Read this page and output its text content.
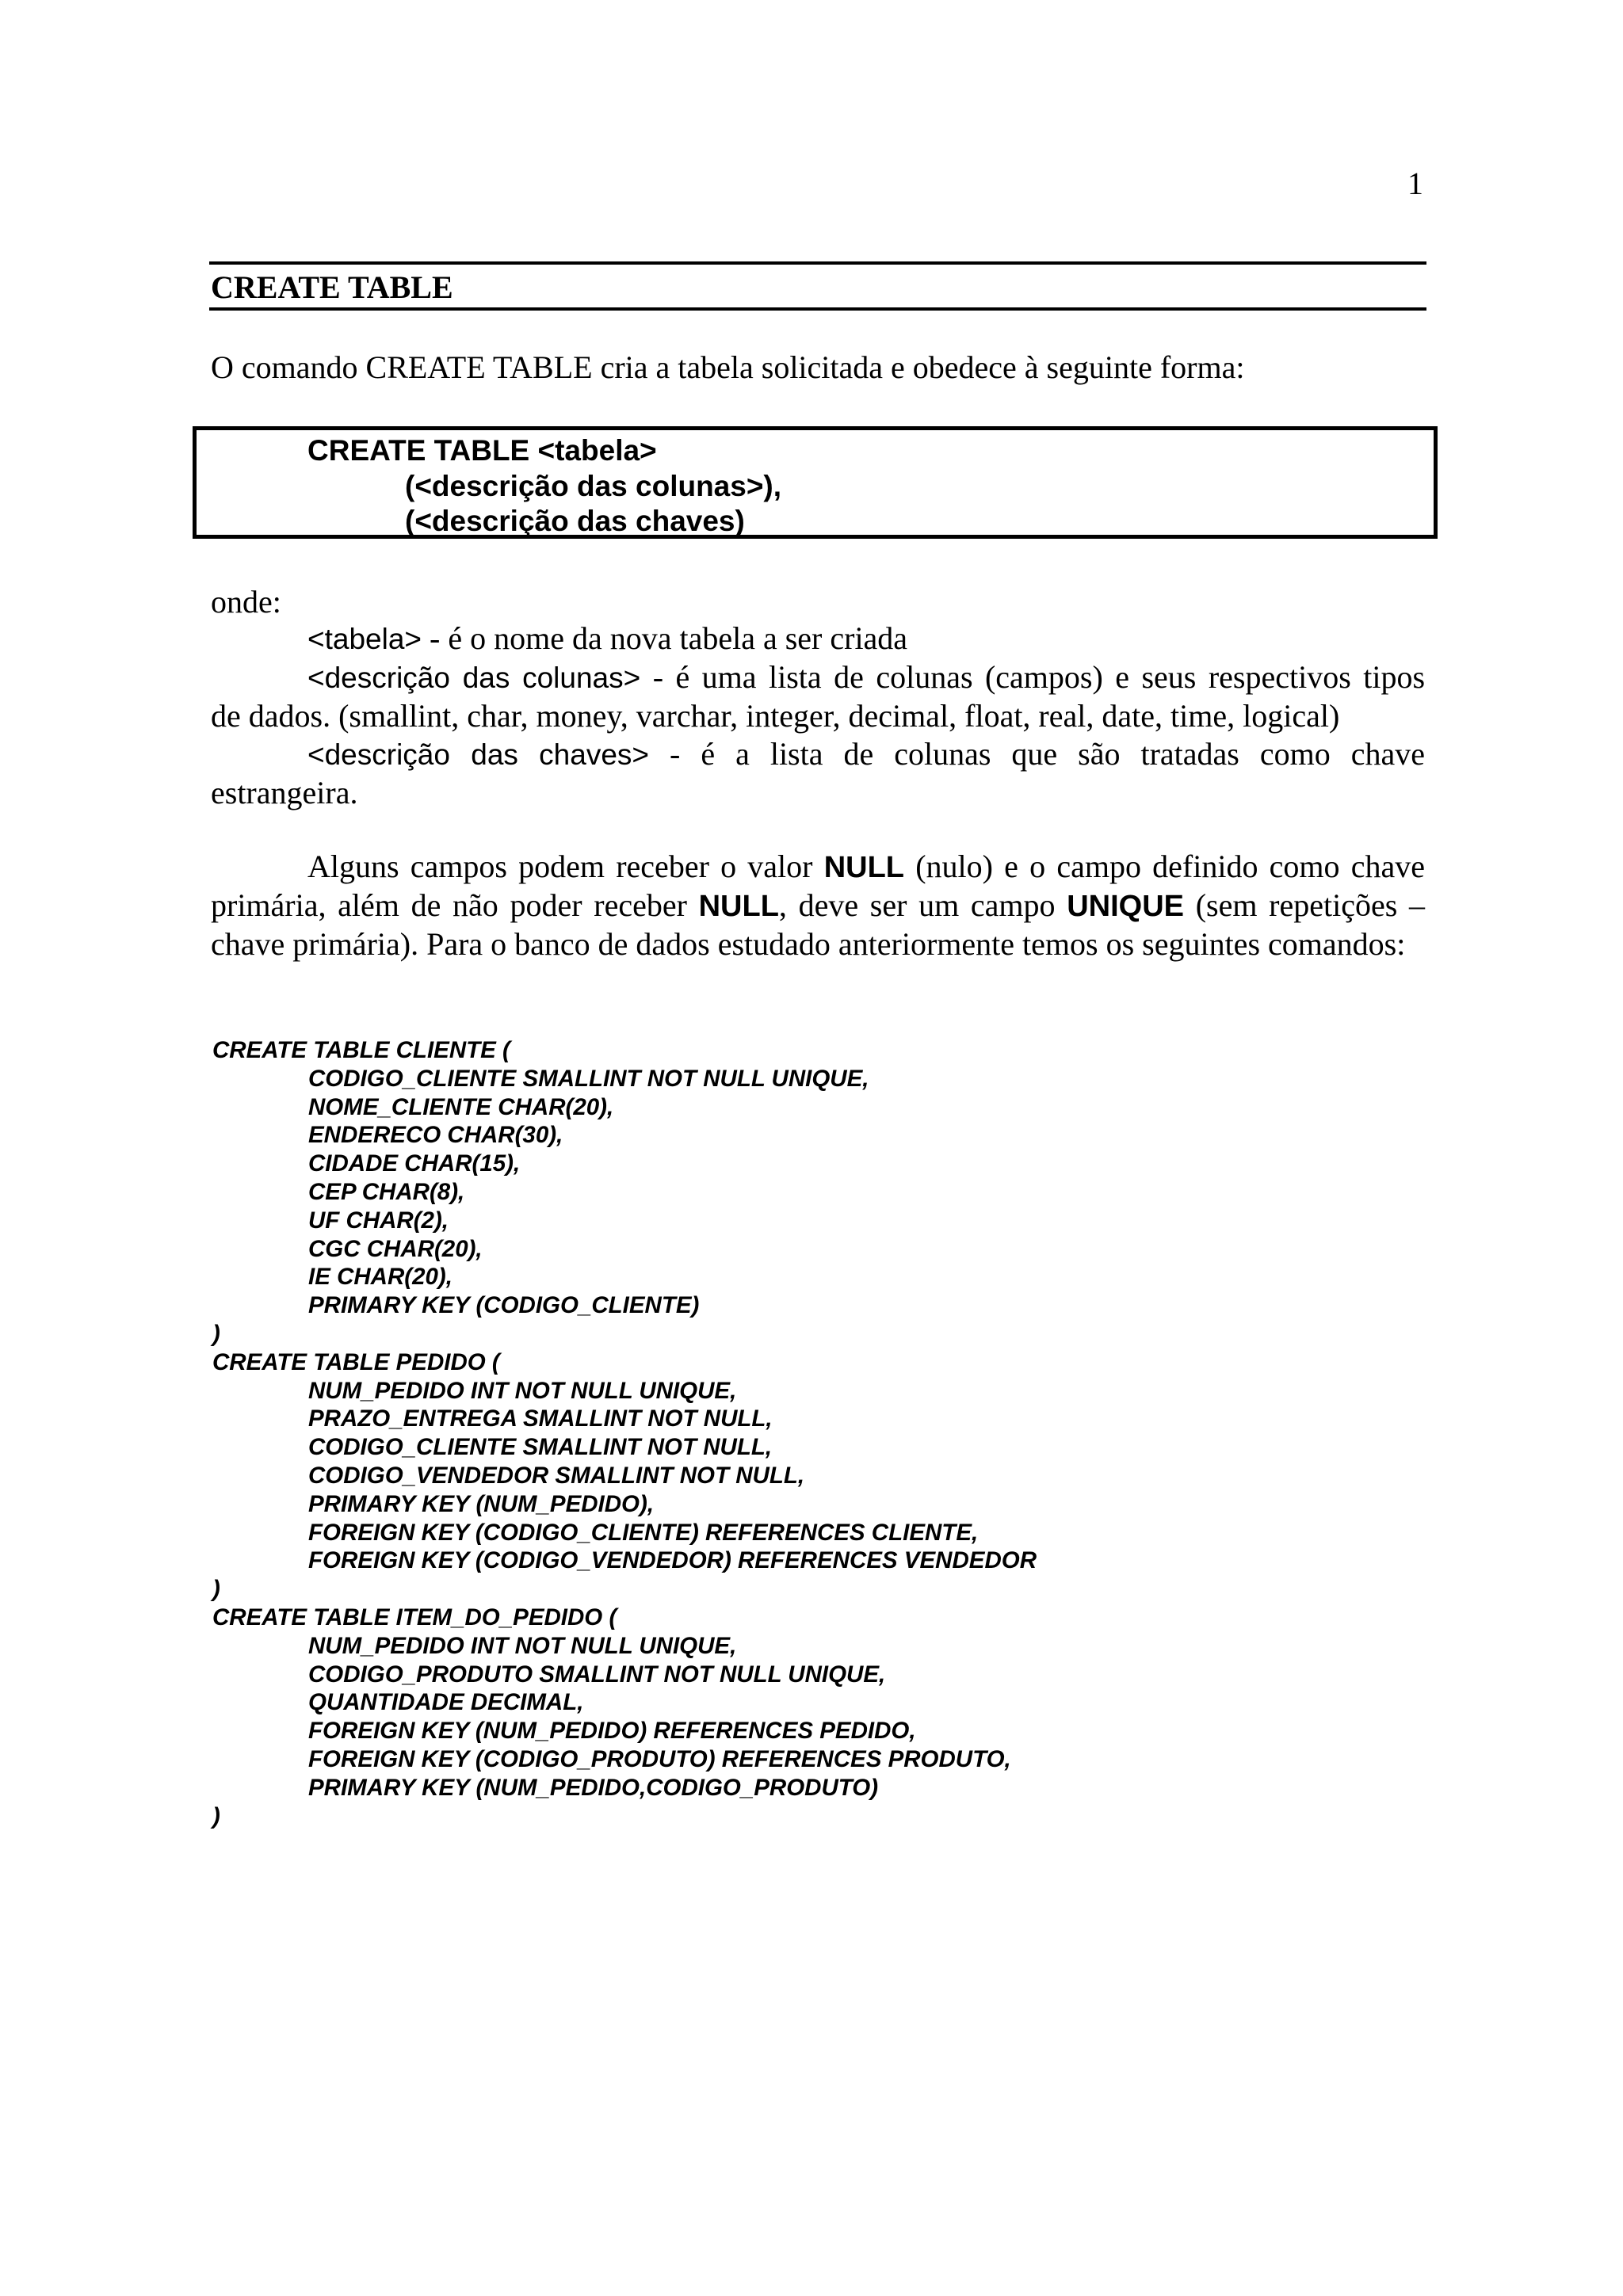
1
CREATE TABLE
O comando CREATE TABLE cria a tabela solicitada e obedece à seguinte forma:
CREATE TABLE <tabela>
(<descrição das colunas>),
(<descrição das chaves)
onde:
<tabela> - é o nome da nova tabela a ser criada
<descrição das colunas> - é uma lista de colunas (campos) e seus respectivos tipos
de dados. (smallint, char, money, varchar, integer, decimal, float, real, date, time, logical)
<descrição das chaves> - é a lista de colunas que são tratadas como chave
estrangeira.
Alguns campos podem receber o valor NULL (nulo) e o campo definido como chave primária, além de não poder receber NULL, deve ser um campo UNIQUE (sem repetições – chave primária). Para o banco de dados estudado anteriormente temos os seguintes comandos:
CREATE TABLE CLIENTE (
CODIGO_CLIENTE SMALLINT NOT NULL UNIQUE,
NOME_CLIENTE CHAR(20),
ENDERECO CHAR(30),
CIDADE CHAR(15),
CEP CHAR(8),
UF CHAR(2),
CGC CHAR(20),
IE CHAR(20),
PRIMARY KEY (CODIGO_CLIENTE)
)
CREATE TABLE PEDIDO (
NUM_PEDIDO INT NOT NULL UNIQUE,
PRAZO_ENTREGA SMALLINT NOT NULL,
CODIGO_CLIENTE SMALLINT NOT NULL,
CODIGO_VENDEDOR SMALLINT NOT NULL,
PRIMARY KEY (NUM_PEDIDO),
FOREIGN KEY (CODIGO_CLIENTE) REFERENCES CLIENTE,
FOREIGN KEY (CODIGO_VENDEDOR) REFERENCES VENDEDOR
)
CREATE TABLE ITEM_DO_PEDIDO (
NUM_PEDIDO INT NOT NULL UNIQUE,
CODIGO_PRODUTO SMALLINT NOT NULL UNIQUE,
QUANTIDADE DECIMAL,
FOREIGN KEY (NUM_PEDIDO) REFERENCES PEDIDO,
FOREIGN KEY (CODIGO_PRODUTO) REFERENCES PRODUTO,
PRIMARY KEY (NUM_PEDIDO,CODIGO_PRODUTO)
)
